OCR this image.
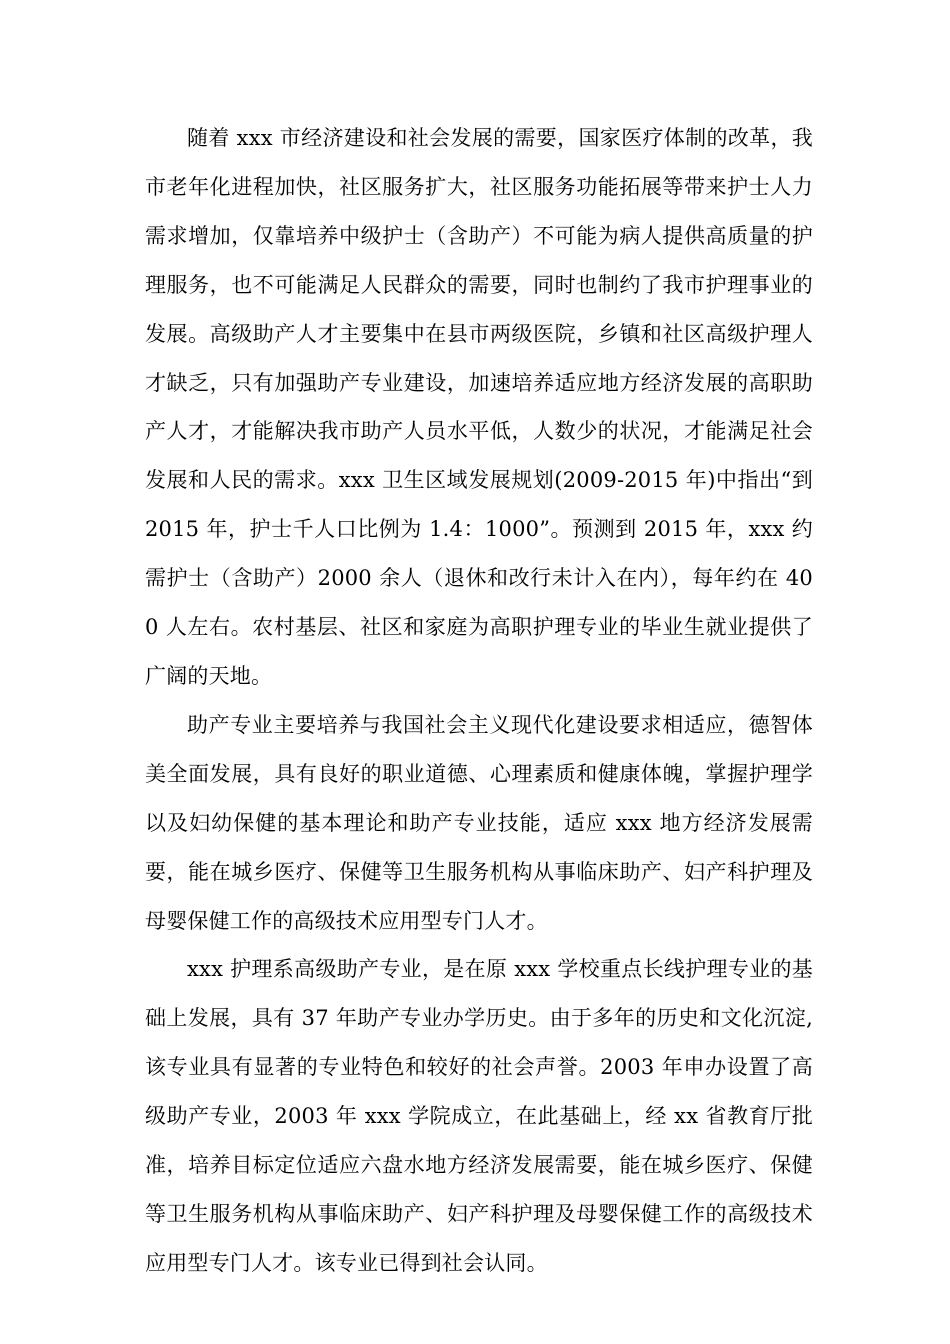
随着 xxx 市经济建设和社会发展的需要，国家医疗体制的改革，我市老年化进程加快，社区服务扩大，社区服务功能拓展等带来护士人力需求增加，仅靠培养中级护士（含助产）不可能为病人提供高质量的护理服务，也不可能满足人民群众的需要，同时也制约了我市护理事业的发展。高级助产人才主要集中在县市两级医院，乡镇和社区高级护理人才缺乏，只有加强助产专业建设，加速培养适应地方经济发展的高职助产人才，才能解决我市助产人员水平低，人数少的状况，才能满足社会发展和人民的需求。xxx 卫生区域发展规划(2009-2015 年)中指出“到 2015 年，护士千人口比例为 1.4：1000”。预测到 2015 年，xxx 约需护士（含助产）2000 余人（退休和改行未计入在内），每年约在 400 人左右。农村基层、社区和家庭为高职护理专业的毕业生就业提供了广阔的天地。

助产专业主要培养与我国社会主义现代化建设要求相适应，德智体美全面发展，具有良好的职业道德、心理素质和健康体魄，掌握护理学以及妇幼保健的基本理论和助产专业技能，适应 xxx 地方经济发展需要，能在城乡医疗、保健等卫生服务机构从事临床助产、妇产科护理及母婴保健工作的高级技术应用型专门人才。

xxx 护理系高级助产专业，是在原 xxx 学校重点长线护理专业的基础上发展，具有 37 年助产专业办学历史。由于多年的历史和文化沉淀,该专业具有显著的专业特色和较好的社会声誉。2003 年申办设置了高级助产专业，2003 年 xxx 学院成立，在此基础上，经 xx 省教育厅批准，培养目标定位适应六盘水地方经济发展需要，能在城乡医疗、保健等卫生服务机构从事临床助产、妇产科护理及母婴保健工作的高级技术应用型专门人才。该专业已得到社会认同。
